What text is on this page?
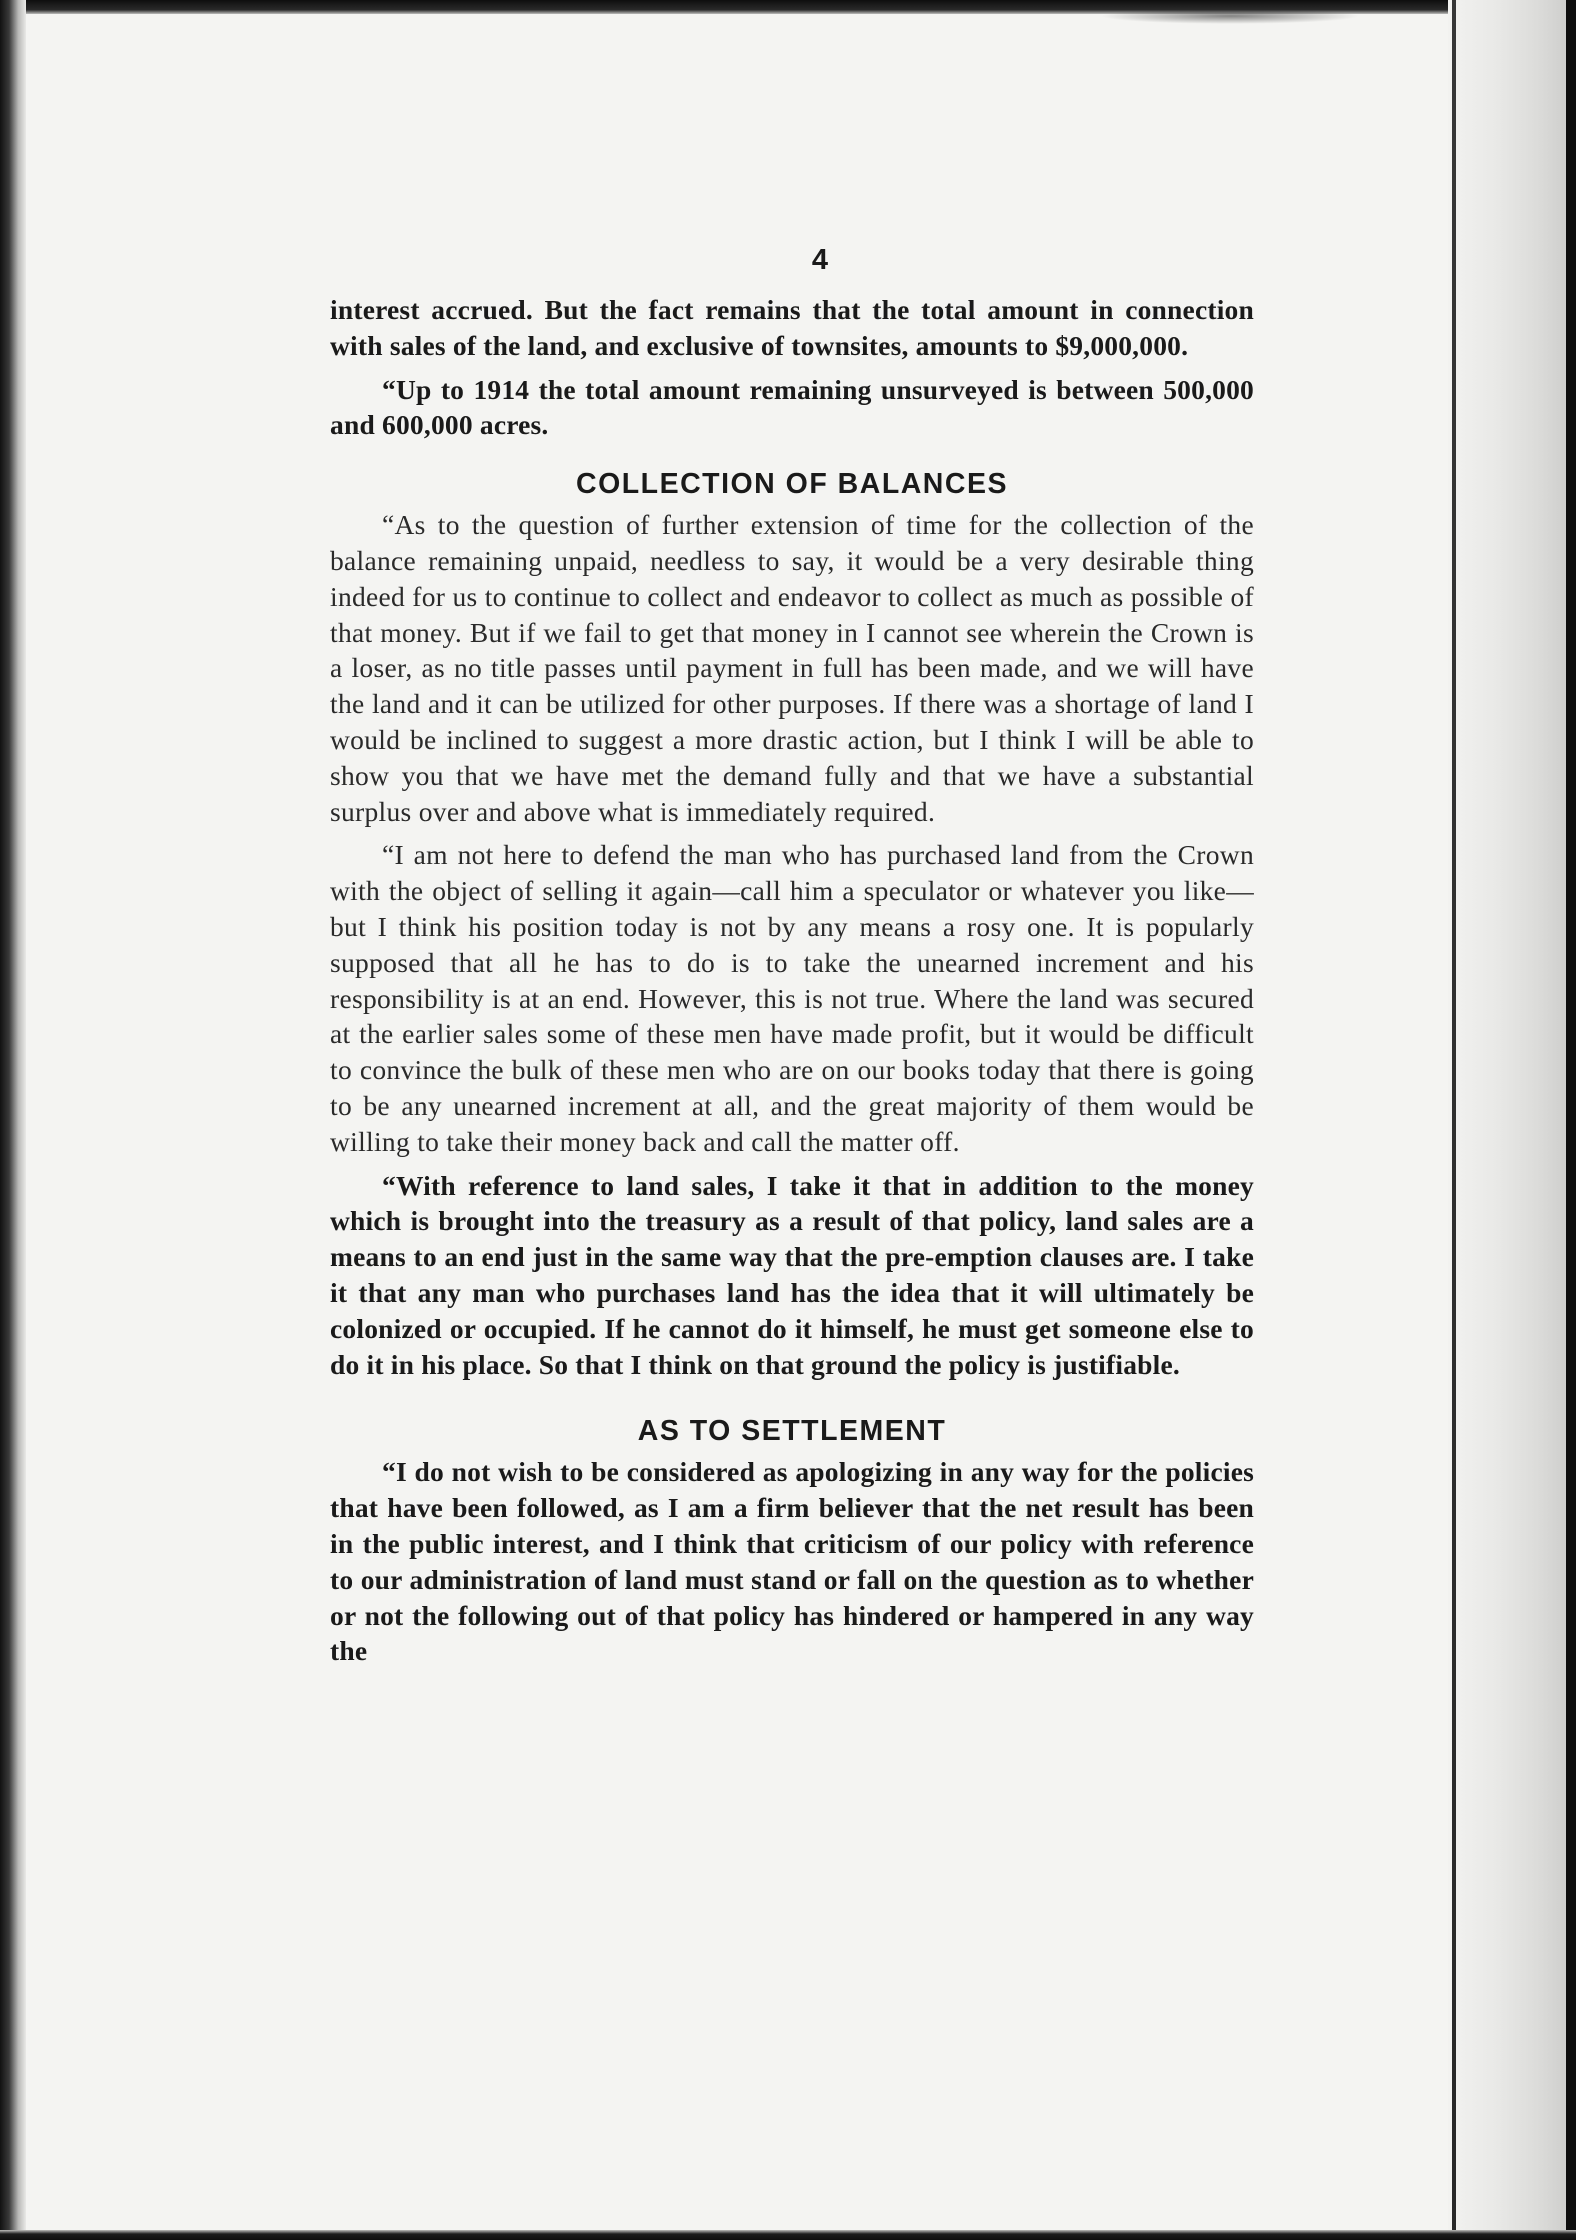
4

interest accrued. But the fact remains that the total amount in connection with sales of the land, and exclusive of townsites, amounts to $9,000,000.

“Up to 1914 the total amount remaining unsurveyed is between 500,000 and 600,000 acres.

COLLECTION OF BALANCES

“As to the question of further extension of time for the collection of the balance remaining unpaid, needless to say, it would be a very desirable thing indeed for us to continue to collect and endeavor to collect as much as possible of that money. But if we fail to get that money in I cannot see wherein the Crown is a loser, as no title passes until payment in full has been made, and we will have the land and it can be utilized for other purposes. If there was a shortage of land I would be inclined to suggest a more drastic action, but I think I will be able to show you that we have met the demand fully and that we have a substantial surplus over and above what is immediately required.

“I am not here to defend the man who has purchased land from the Crown with the object of selling it again—call him a speculator or whatever you like—but I think his position today is not by any means a rosy one. It is popularly supposed that all he has to do is to take the unearned increment and his responsibility is at an end. However, this is not true. Where the land was secured at the earlier sales some of these men have made profit, but it would be difficult to convince the bulk of these men who are on our books today that there is going to be any unearned increment at all, and the great majority of them would be willing to take their money back and call the matter off.

“With reference to land sales, I take it that in addition to the money which is brought into the treasury as a result of that policy, land sales are a means to an end just in the same way that the pre-emption clauses are. I take it that any man who purchases land has the idea that it will ultimately be colonized or occupied. If he cannot do it himself, he must get someone else to do it in his place. So that I think on that ground the policy is justifiable.

AS TO SETTLEMENT

“I do not wish to be considered as apologizing in any way for the policies that have been followed, as I am a firm believer that the net result has been in the public interest, and I think that criticism of our policy with reference to our administration of land must stand or fall on the question as to whether or not the following out of that policy has hindered or hampered in any way the
